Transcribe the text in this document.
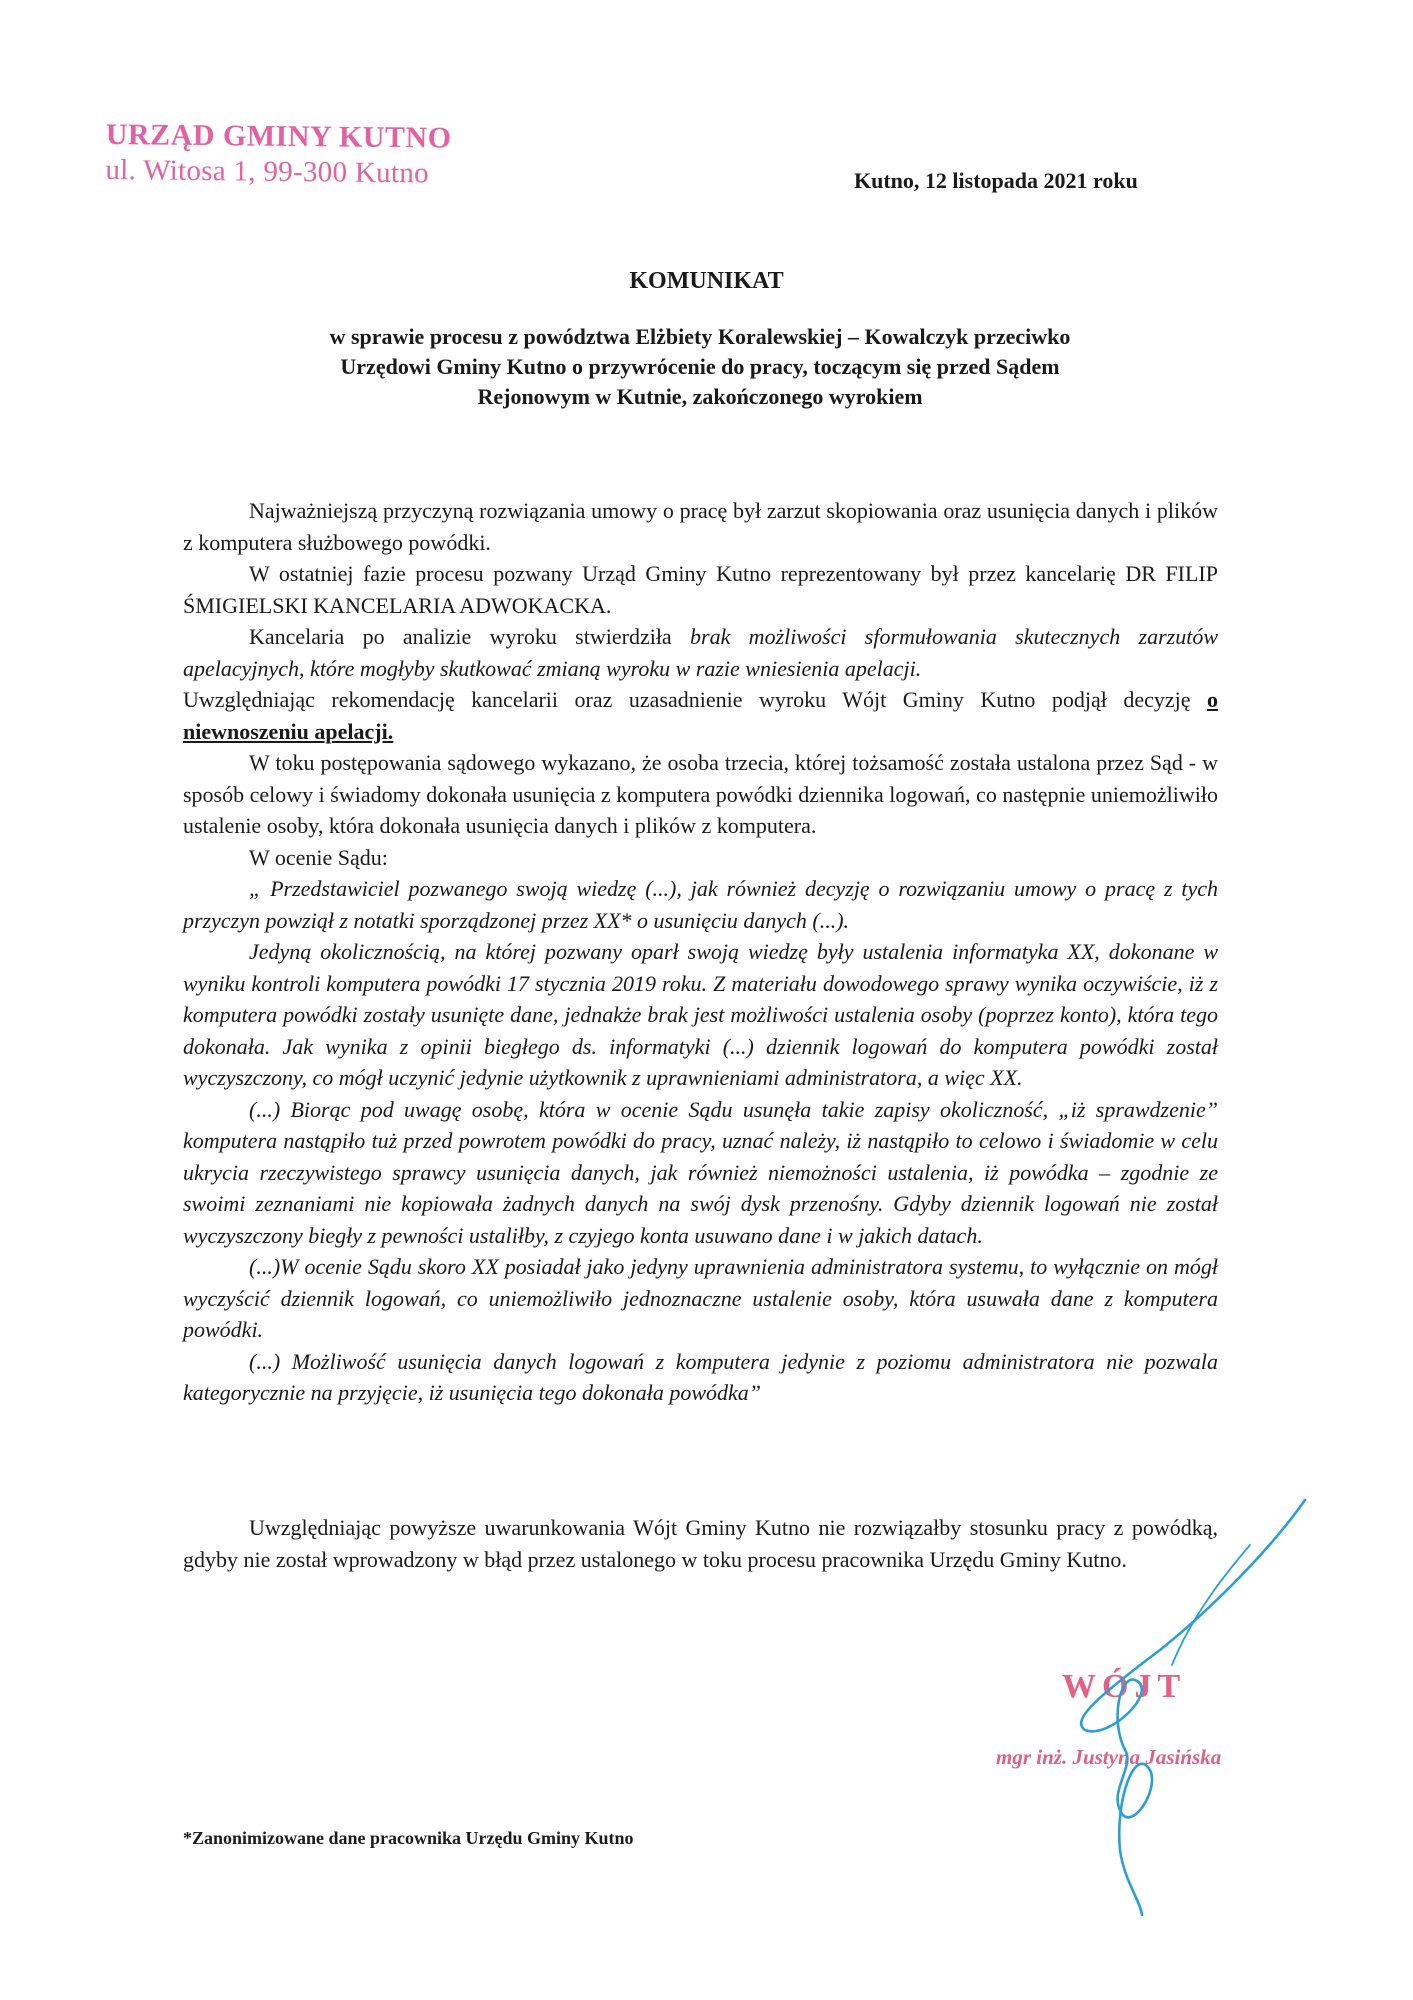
URZĄD GMINY KUTNO
ul. Witosa 1, 99-300 Kutno	Kutno, 12 listopada 2021 roku
KOMUNIKAT
w sprawie procesu z powództwa Elżbiety Koralewskiej – Kowalczyk przeciwko
Urzędowi Gminy Kutno o przywrócenie do pracy, toczącym się przed Sądem
Rejonowym w Kutnie, zakończonego wyrokiem

Najważniejszą przyczyną rozwiązania umowy o pracę był zarzut skopiowania oraz usunięcia danych i plików z komputera służbowego powódki.

W ostatniej fazie procesu pozwany Urząd Gminy Kutno reprezentowany był przez kancelarię DR FILIP ŚMIGIELSKI KANCELARIA ADWOKACKA.

Kancelaria po analizie wyroku stwierdziła brak możliwości sformułowania skutecznych zarzutów apelacyjnych, które mogłyby skutkować zmianą wyroku w razie wniesienia apelacji.

Uwzględniając rekomendację kancelarii oraz uzasadnienie wyroku Wójt Gminy Kutno podjął decyzję o niewnoszeniu apelacji.

W toku postępowania sądowego wykazano, że osoba trzecia, której tożsamość została ustalona przez Sąd - w sposób celowy i świadomy dokonała usunięcia z komputera powódki dziennika logowań, co następnie uniemożliwiło ustalenie osoby, która dokonała usunięcia danych i plików z komputera.

W ocenie Sądu:

„ Przedstawiciel pozwanego swoją wiedzę (...), jak również decyzję o rozwiązaniu umowy o pracę z tych przyczyn powziął z notatki sporządzonej przez XX* o usunięciu danych (...).

Jedyną okolicznością, na której pozwany oparł swoją wiedzę były ustalenia informatyka XX, dokonane w wyniku kontroli komputera powódki 17 stycznia 2019 roku. Z materiału dowodowego sprawy wynika oczywiście, iż z komputera powódki zostały usunięte dane, jednakże brak jest możliwości ustalenia osoby (poprzez konto), która tego dokonała. Jak wynika z opinii biegłego ds. informatyki (...) dziennik logowań do komputera powódki został wyczyszczony, co mógł uczynić jedynie użytkownik z uprawnieniami administratora, a więc XX.

(...) Biorąc pod uwagę osobę, która w ocenie Sądu usunęła takie zapisy okoliczność, „iż sprawdzenie” komputera nastąpiło tuż przed powrotem powódki do pracy, uznać należy, iż nastąpiło to celowo i świadomie w celu ukrycia rzeczywistego sprawcy usunięcia danych, jak również niemożności ustalenia, iż powódka – zgodnie ze swoimi zeznaniami nie kopiowała żadnych danych na swój dysk przenośny. Gdyby dziennik logowań nie został wyczyszczony biegły z pewności ustaliłby, z czyjego konta usuwano dane i w jakich datach.

(...)W ocenie Sądu skoro XX posiadał jako jedyny uprawnienia administratora systemu, to wyłącznie on mógł wyczyścić dziennik logowań, co uniemożliwiło jednoznaczne ustalenie osoby, która usuwała dane z komputera powódki.

(...) Możliwość usunięcia danych logowań z komputera jedynie z poziomu administratora nie pozwala kategorycznie na przyjęcie, iż usunięcia tego dokonała powódka”

Uwzględniając powyższe uwarunkowania Wójt Gminy Kutno nie rozwiązałby stosunku pracy z powódką, gdyby nie został wprowadzony w błąd przez ustalonego w toku procesu pracownika Urzędu Gminy Kutno.

WÓJT
mgr inż. Justyna Jasińska
*Zanonimizowane dane pracownika Urzędu Gminy Kutno
